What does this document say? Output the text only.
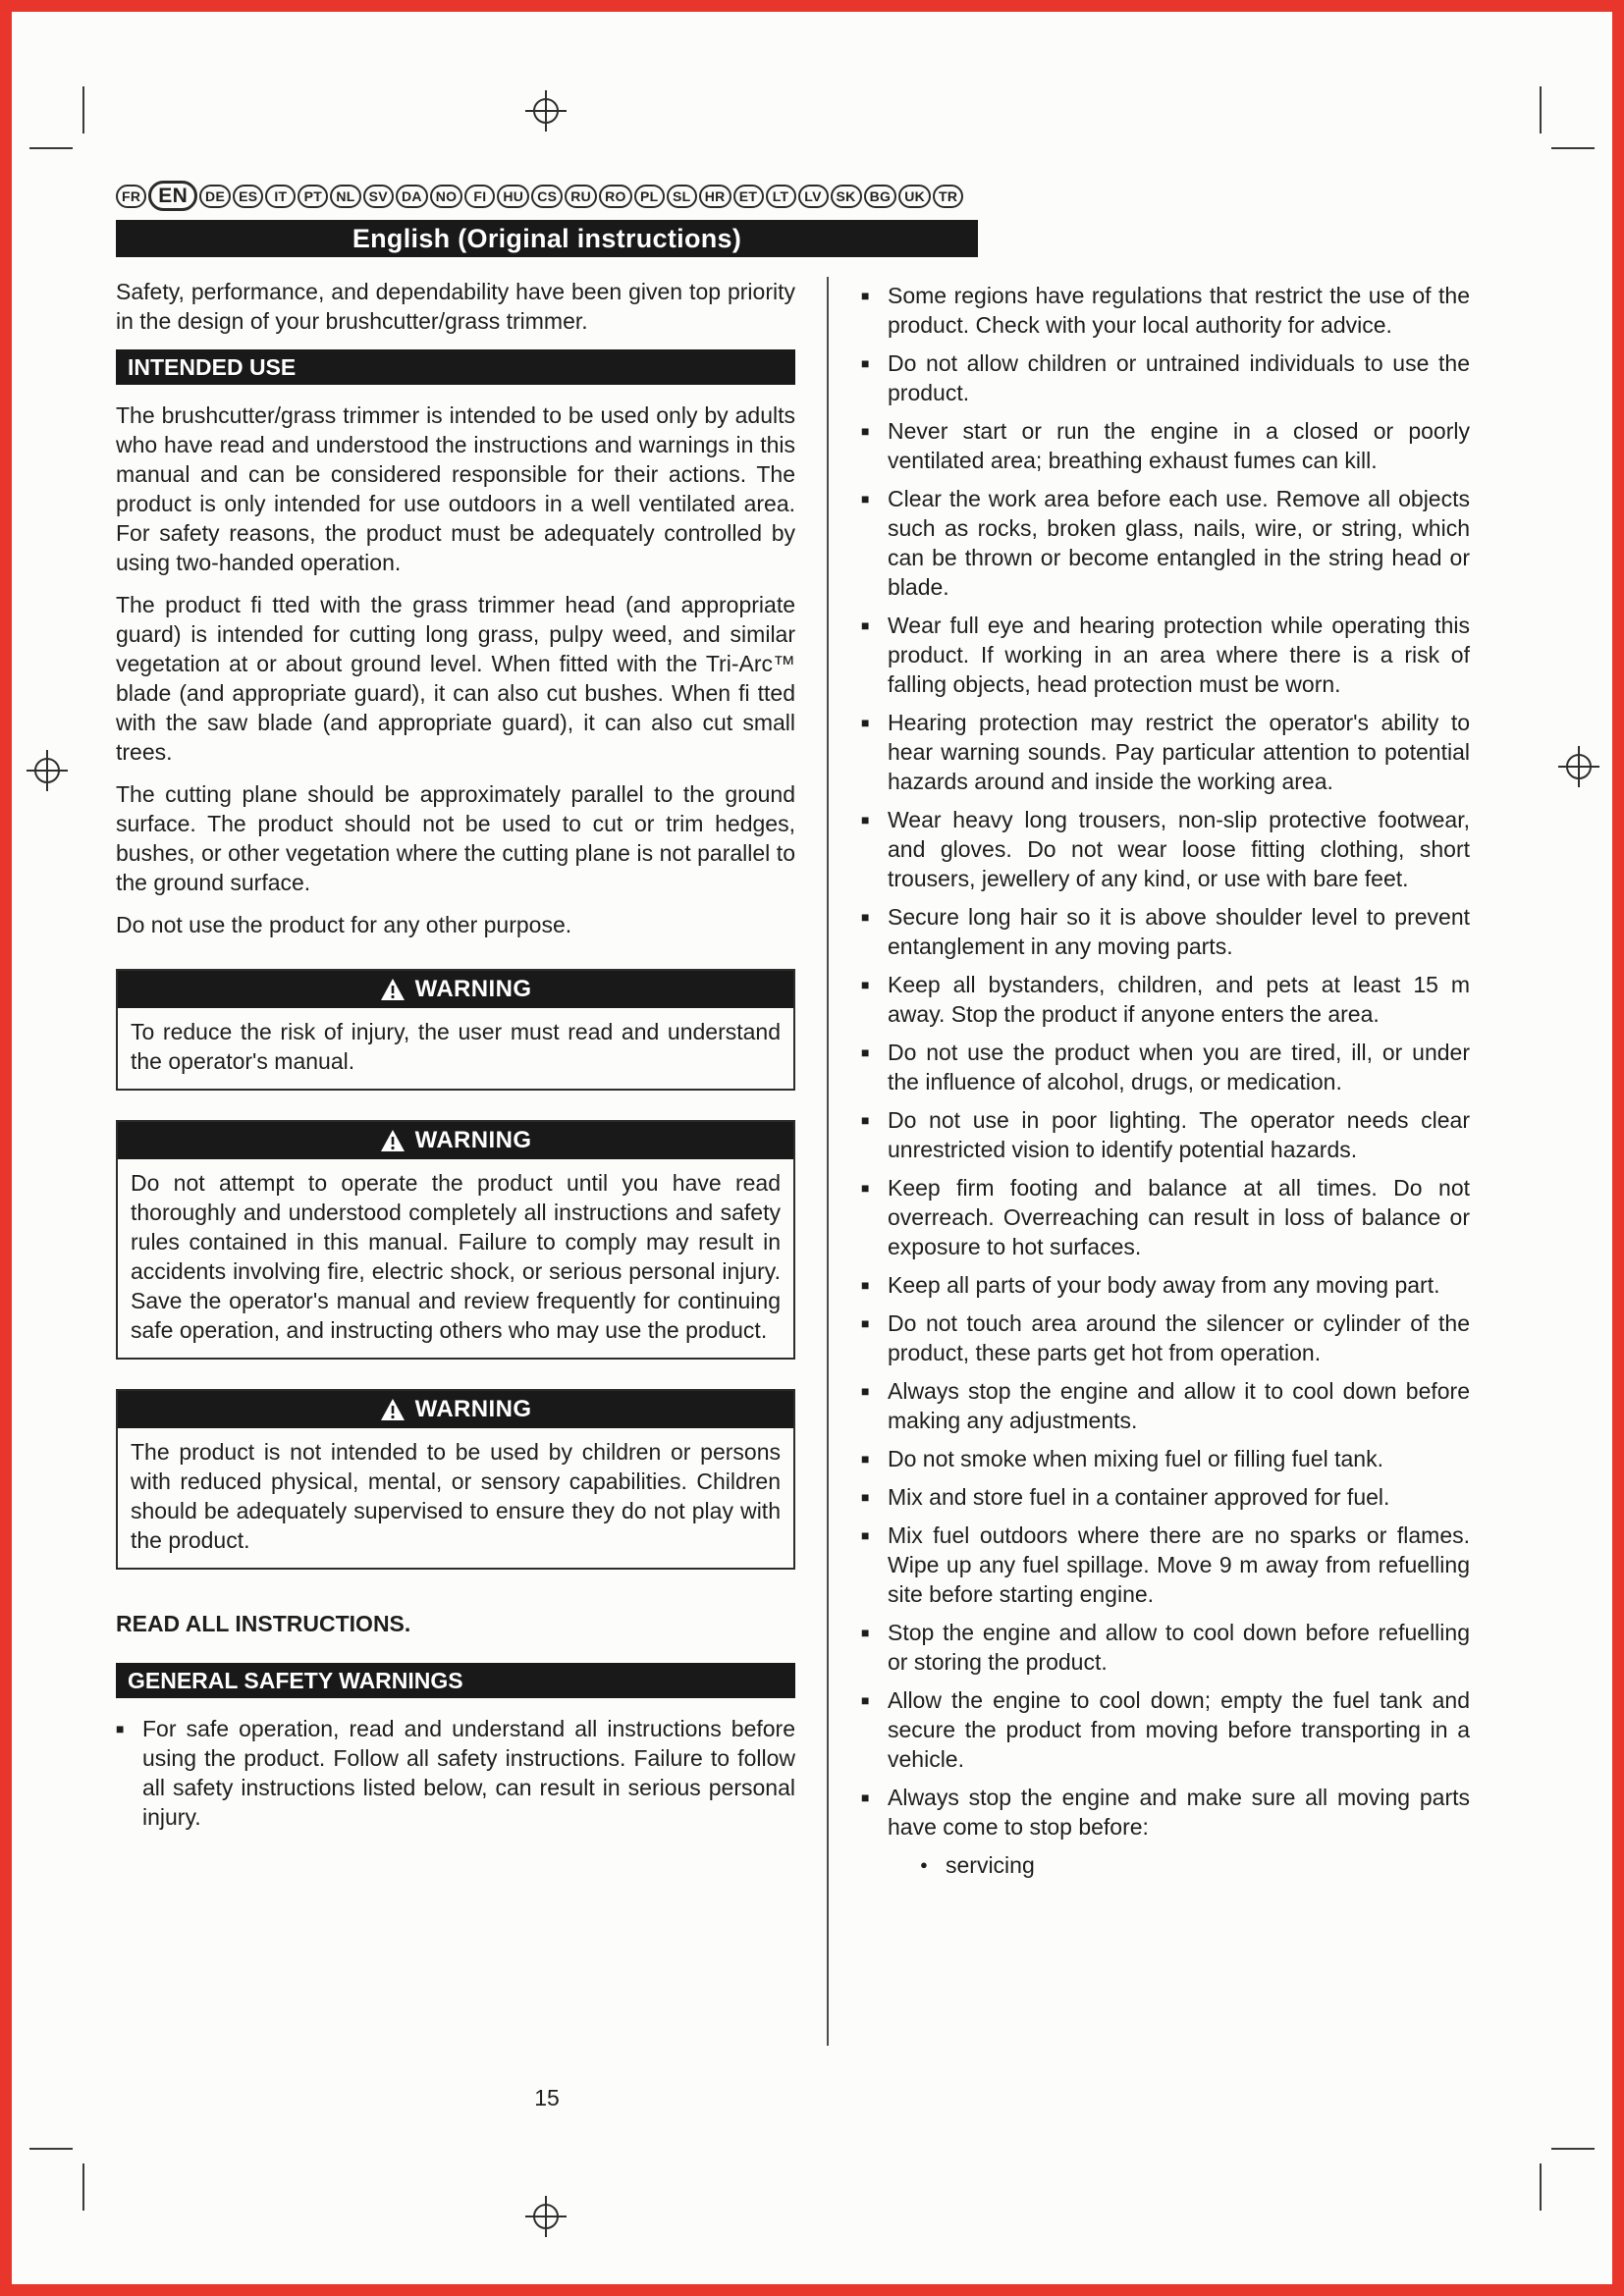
FR EN	DE	ES	IT	PT	NL	SV	DA	NO	FI	HU	CS	RU	RO	PL	SL	HR	ET	LT	LV	SK	BG	UK	TR
English (Original instructions)

Safety, performance, and dependability have been given top priority in the design of your brushcutter/grass trimmer.

INTENDED USE

The brushcutter/grass trimmer is intended to be used only by adults who have read and understood the instructions and warnings in this manual and can be considered responsible for their actions. The product is only intended for use outdoors in a well ventilated area. For safety reasons, the product must be adequately controlled by using two-handed operation.

The product fi tted with the grass trimmer head (and appropriate guard) is intended for cutting long grass, pulpy weed, and similar vegetation at or about ground level. When fitted with the Tri-Arc™ blade (and appropriate guard), it can also cut bushes. When fi tted with the saw blade (and appropriate guard), it can also cut small trees.

The cutting plane should be approximately parallel to the ground surface. The product should not be used to cut or trim hedges, bushes, or other vegetation where the cutting plane is not parallel to the ground surface.

Do not use the product for any other purpose.

WARNING
To reduce the risk of injury, the user must read and understand the operator's manual.
WARNING
Do not attempt to operate the product until you have read thoroughly and understood completely all instructions and safety rules contained in this manual. Failure to comply may result in accidents involving fire, electric shock, or serious personal injury. Save the operator's manual and review frequently for continuing safe operation, and instructing others who may use the product.
WARNING
The product is not intended to be used by children or persons with reduced physical, mental, or sensory capabilities. Children should be adequately supervised to ensure they do not play with the product.

READ ALL INSTRUCTIONS.

GENERAL SAFETY WARNINGS
■ For safe operation, read and understand all instructions before using the product. Follow all safety instructions. Failure to follow all safety instructions listed below, can result in serious personal injury.
■ Some regions have regulations that restrict the use of the product. Check with your local authority for advice.
■ Do not allow children or untrained individuals to use the product.
■ Never start or run the engine in a closed or poorly ventilated area; breathing exhaust fumes can kill.
■ Clear the work area before each use. Remove all objects such as rocks, broken glass, nails, wire, or string, which can be thrown or become entangled in the string head or blade.
■ Wear full eye and hearing protection while operating this product. If working in an area where there is a risk of falling objects, head protection must be worn.
■ Hearing protection may restrict the operator's ability to hear warning sounds. Pay particular attention to potential hazards around and inside the working area.
■ Wear heavy long trousers, non-slip protective footwear, and gloves. Do not wear loose fitting clothing, short trousers, jewellery of any kind, or use with bare feet.
■ Secure long hair so it is above shoulder level to prevent entanglement in any moving parts.
■ Keep all bystanders, children, and pets at least 15 m away. Stop the product if anyone enters the area.
■ Do not use the product when you are tired, ill, or under the influence of alcohol, drugs, or medication.
■ Do not use in poor lighting. The operator needs clear unrestricted vision to identify potential hazards.
■ Keep firm footing and balance at all times. Do not overreach. Overreaching can result in loss of balance or exposure to hot surfaces.
■ Keep all parts of your body away from any moving part.
■ Do not touch area around the silencer or cylinder of the product, these parts get hot from operation.
■ Always stop the engine and allow it to cool down before making any adjustments.
■ Do not smoke when mixing fuel or filling fuel tank.
■ Mix and store fuel in a container approved for fuel.
■ Mix fuel outdoors where there are no sparks or flames. Wipe up any fuel spillage. Move 9 m away from refuelling site before starting engine.
■ Stop the engine and allow to cool down before refuelling or storing the product.
■ Allow the engine to cool down; empty the fuel tank and secure the product from moving before transporting in a vehicle.
■ Always stop the engine and make sure all moving parts have come to stop before:
● servicing
15
